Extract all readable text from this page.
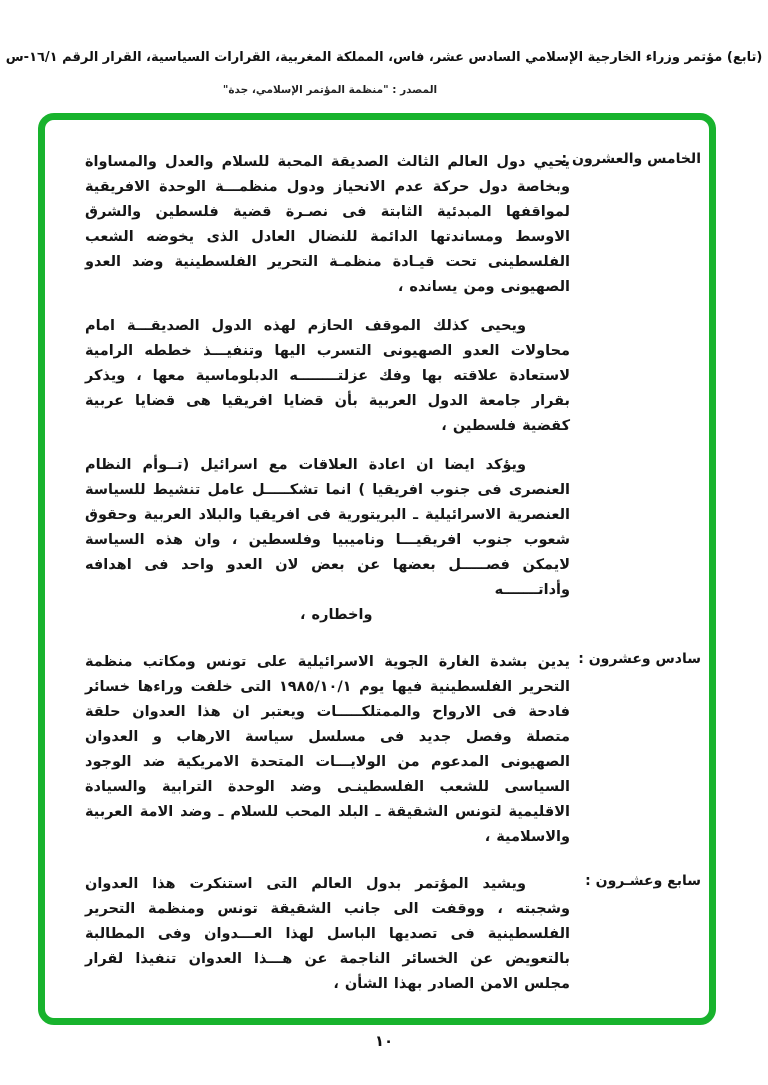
(تابع) مؤتمر وزراء الخارجية الإسلامي السادس عشر، فاس، المملكة المغربية، القرارات السياسية، القرار الرقم ١٦/١-س
المصدر : "منظمة المؤتمر الإسلامي، جدة"
الخامس والعشرون :

يحيي دول العالم الثالث الصديقة المحبة للسلام والعدل والمساواة وبخاصة دول حركة عدم الانحياز ودول منظمـــة الوحدة الافريقية لمواقفها المبدئية الثابتة فى نصـرة قضية فلسطين والشرق الاوسط ومساندتها الدائمة للنضال العادل الذى يخوضه الشعب الفلسطينى تحت قيـادة منظمـة التحرير الفلسطينية وضد العدو الصهيونى ومن يسانده ،

ويحيى كذلك الموقف الحازم لهذه الدول الصديقـــة امام محاولات العدو الصهيونى التسرب اليها وتنفيـــذ خططه الرامية لاستعادة علاقته بها وفك عزلتــــــــه الدبلوماسية معها ، ويذكر بقرار جامعة الدول العربية بأن قضايا افريقيا هى قضايا عربية كقضية فلسطين ،

ويؤكد ايضا ان اعادة العلاقات مع اسرائيل (تــوأم النظام العنصرى فى جنوب افريقيا ) انما تشكـــــل عامل تنشيط للسياسة العنصرية الاسرائيلية ـ البريتورية فى افريقيا والبلاد العربية وحقوق شعوب جنوب افريقيـــا وناميبيا وفلسطين ، وان هذه السياسة لايمكن فصـــــل بعضها عن بعض لان العدو واحد فى اهدافه وأداتـــــــه

واخطاره ،

سادس وعشرون :

يدين بشدة الغارة الجوية الاسرائيلية على تونس ومكاتب منظمة التحرير الفلسطينية فيها يوم ١٩٨٥/١٠/١ التى خلفت وراءها خسائر فادحة فى الارواح والممتلكـــــات ويعتبر ان هذا العدوان حلقة متصلة وفصل جديد فى مسلسل سياسة الارهاب و العدوان الصهيونى المدعوم من الولايـــات المتحدة الامريكية ضد الوجود السياسى للشعب الفلسطينـى وضد الوحدة الترابية والسيادة الاقليمية لتونس الشقيقة ـ البلد المحب للسلام ـ وضد الامة العربية والاسلامية ،

سابع وعشـرون :

ويشيد المؤتمر بدول العالم التى استنكرت هذا العدوان وشجبته ، ووقفت الى جانب الشقيقة تونس ومنظمة التحرير الفلسطينية فى تصديها الباسل لهذا العـــدوان وفى المطالبة بالتعويض عن الخسائر الناجمة عن هـــذا العدوان تنفيذا لقرار مجلس الامن الصادر بهذا الشأن ،

١٠
